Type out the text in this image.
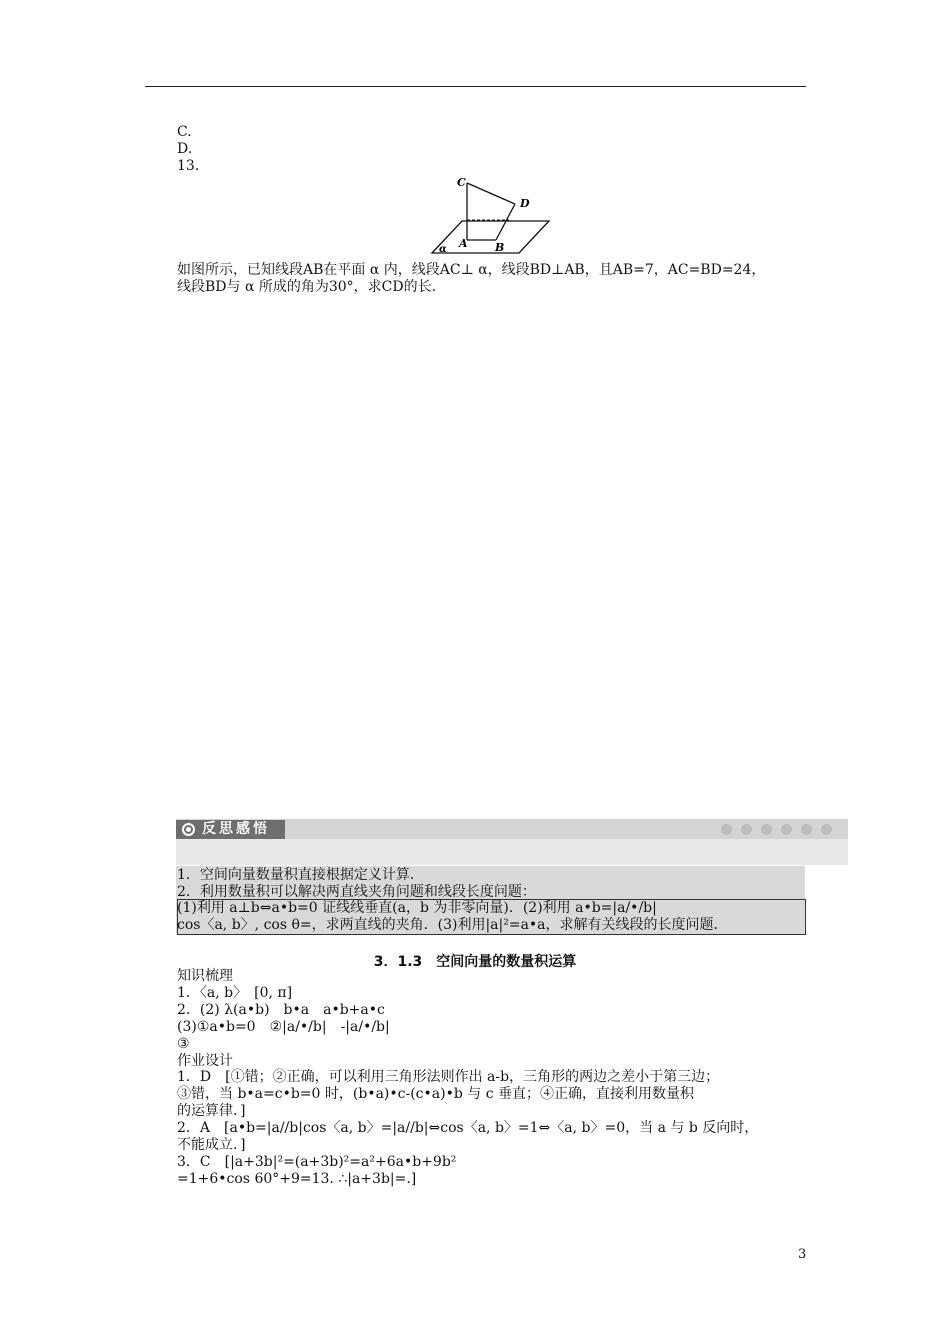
C.
D.
13.
C
D
A B
α
如图所示，已知线段AB在平面 α 内，线段AC⊥ α，线段BD⊥AB，且AB=7，AC=BD=24，
线段BD与 α 所成的角为30°，求CD的长.
反思感悟
1．空间向量数量积直接根据定义计算．
2．利用数量积可以解决两直线夹角问题和线段长度问题：
(1)利用 a⊥b⇔a•b=0 证线线垂直(a，b 为非零向量)．(2)利用 a•b=|a/•/b|
cos〈a, b〉, cos θ=，求两直线的夹角．(3)利用|a|²=a•a，求解有关线段的长度问题．
3．1.3　空间向量的数量积运算
知识梳理
1．〈a, b〉　[0, π]
2．(2) λ(a•b)　b•a　a•b+a•c
(3)①a•b=0　②|a/•/b|　-|a/•/b|
③
作业设计
1．D　[①错；②正确，可以利用三角形法则作出 a-b，三角形的两边之差小于第三边；
③错，当 b•a=c•b=0 时，(b•a)•c-(c•a)•b 与 c 垂直；④正确，直接利用数量积
的运算律．]
2．A　[a•b=|a//b|cos〈a, b〉=|a//b|⇔cos〈a, b〉=1⇔〈a, b〉=0，当 a 与 b 反向时，
不能成立．]
3．C　[|a+3b|²=(a+3b)²=a²+6a•b+9b²
=1+6•cos 60°+9=13. ∴|a+3b|=.]
3
